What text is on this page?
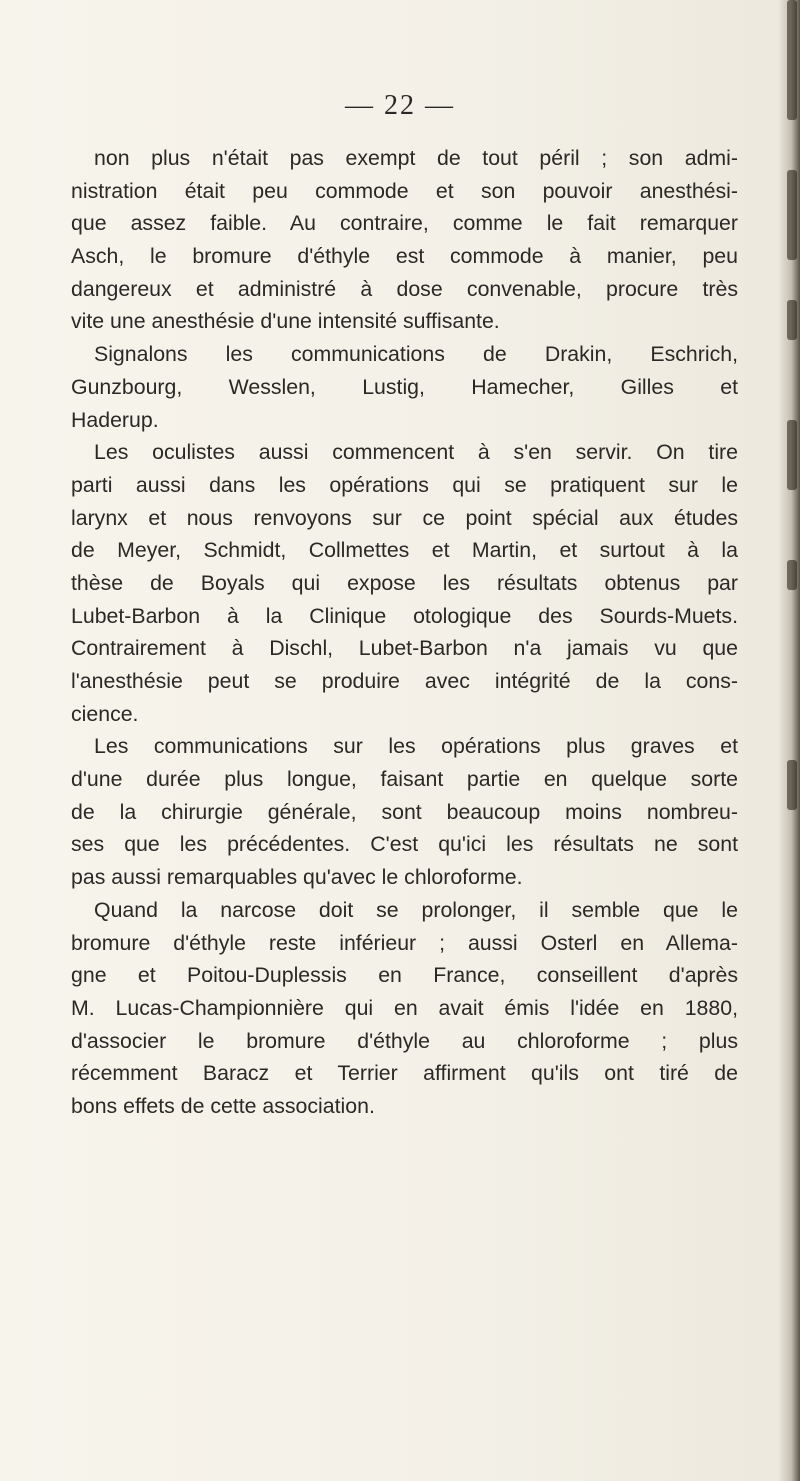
— 22 —
non plus n'était pas exempt de tout péril ; son admi-
nistration était peu commode et son pouvoir anesthési-
que assez faible. Au contraire, comme le fait remarquer
Asch, le bromure d'éthyle est commode à manier, peu
dangereux et administré à dose convenable, procure très
vite une anesthésie d'une intensité suffisante.
Signalons les communications de Drakin, Eschrich,
Gunzbourg, Wesslen, Lustig, Hamecher, Gilles et
Haderup.
Les oculistes aussi commencent à s'en servir. On tire
parti aussi dans les opérations qui se pratiquent sur le
larynx et nous renvoyons sur ce point spécial aux études
de Meyer, Schmidt, Collmettes et Martin, et surtout à la
thèse de Boyals qui expose les résultats obtenus par
Lubet-Barbon à la Clinique otologique des Sourds-Muets.
Contrairement à Dischl, Lubet-Barbon n'a jamais vu que
l'anesthésie peut se produire avec intégrité de la cons-
cience.
Les communications sur les opérations plus graves et
d'une durée plus longue, faisant partie en quelque sorte
de la chirurgie générale, sont beaucoup moins nombreu-
ses que les précédentes. C'est qu'ici les résultats ne sont
pas aussi remarquables qu'avec le chloroforme.
Quand la narcose doit se prolonger, il semble que le
bromure d'éthyle reste inférieur ; aussi Osterl en Allema-
gne et Poitou-Duplessis en France, conseillent d'après
M. Lucas-Championnière qui en avait émis l'idée en 1880,
d'associer le bromure d'éthyle au chloroforme ; plus
récemment Baracz et Terrier affirment qu'ils ont tiré de
bons effets de cette association.
